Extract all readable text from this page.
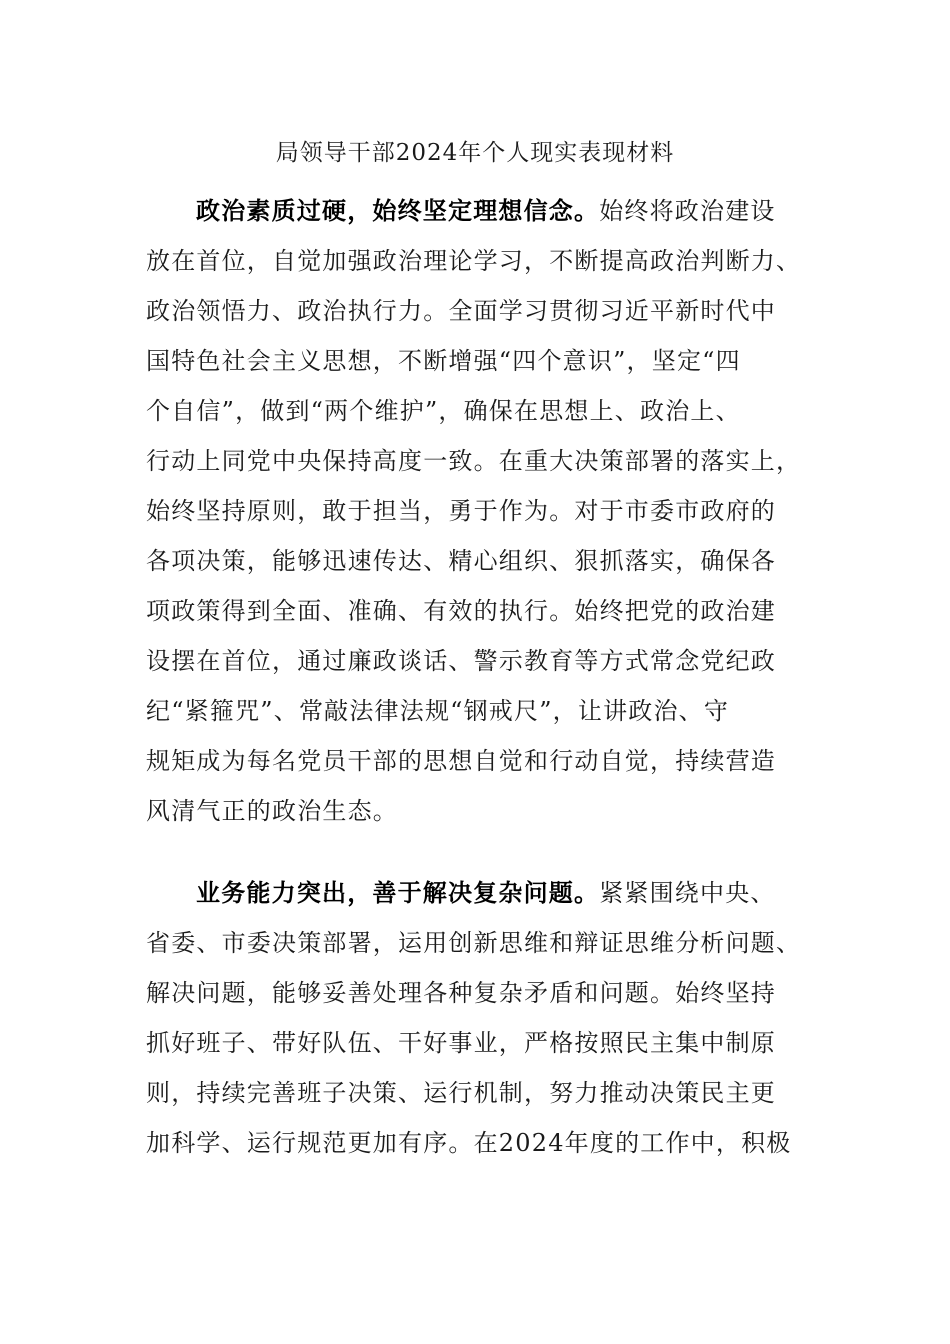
局领导干部2024年个人现实表现材料
政治素质过硬，始终坚定理想信念。始终将政治建设
放在首位，自觉加强政治理论学习，不断提高政治判断力、
政治领悟力、政治执行力。全面学习贯彻习近平新时代中
国特色社会主义思想，不断增强“四个意识”，坚定“四
个自信”，做到“两个维护”，确保在思想上、政治上、
行动上同党中央保持高度一致。在重大决策部署的落实上，
始终坚持原则，敢于担当，勇于作为。对于市委市政府的
各项决策，能够迅速传达、精心组织、狠抓落实，确保各
项政策得到全面、准确、有效的执行。始终把党的政治建
设摆在首位，通过廉政谈话、警示教育等方式常念党纪政
纪“紧箍咒”、常敲法律法规“钢戒尺”，让讲政治、守
规矩成为每名党员干部的思想自觉和行动自觉，持续营造
风清气正的政治生态。
业务能力突出，善于解决复杂问题。紧紧围绕中央、
省委、市委决策部署，运用创新思维和辩证思维分析问题、
解决问题，能够妥善处理各种复杂矛盾和问题。始终坚持
抓好班子、带好队伍、干好事业，严格按照民主集中制原
则，持续完善班子决策、运行机制，努力推动决策民主更
加科学、运行规范更加有序。在2024年度的工作中，积极
